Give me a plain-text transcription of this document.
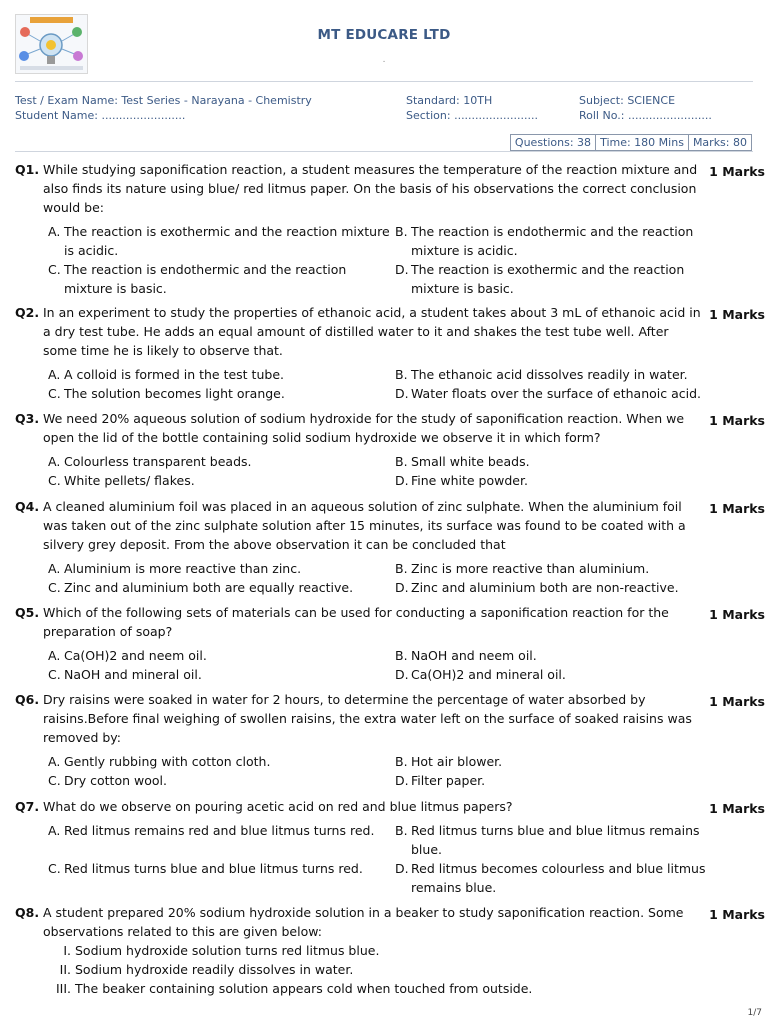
MT EDUCARE LTD
.
Test / Exam Name: Test Series - Narayana - Chemistry
Student Name: ........................
Standard: 10TH
Section: ........................
Subject: SCIENCE
Roll No.: ........................
Questions: 38 Time: 180 Mins Marks: 80
Q1. While studying saponification reaction, a student measures the temperature of the reaction mixture and also finds its nature using blue/ red litmus paper. On the basis of his observations the correct conclusion would be:
1 Marks
A. The reaction is exothermic and the reaction mixture is acidic.
B. The reaction is endothermic and the reaction mixture is acidic.
C. The reaction is endothermic and the reaction mixture is basic.
D. The reaction is exothermic and the reaction mixture is basic.
Q2. In an experiment to study the properties of ethanoic acid, a student takes about 3 mL of ethanoic acid in a dry test tube. He adds an equal amount of distilled water to it and shakes the test tube well. After some time he is likely to observe that.
1 Marks
A. A colloid is formed in the test tube.	B. The ethanoic acid dissolves readily in water.
C. The solution becomes light orange.	D. Water floats over the surface of ethanoic acid.
Q3. We need 20% aqueous solution of sodium hydroxide for the study of saponification reaction. When we open the lid of the bottle containing solid sodium hydroxide we observe it in which form?
1 Marks
A. Colourless transparent beads.	B. Small white beads.
C. White pellets/ flakes.	D. Fine white powder.
Q4. A cleaned aluminium foil was placed in an aqueous solution of zinc sulphate. When the aluminium foil was taken out of the zinc sulphate solution after 15 minutes, its surface was found to be coated with a silvery grey deposit. From the above observation it can be concluded that
1 Marks
A. Aluminium is more reactive than zinc.	B. Zinc is more reactive than aluminium.
C. Zinc and aluminium both are equally reactive.	D. Zinc and aluminium both are non-reactive.
Q5. Which of the following sets of materials can be used for conducting a saponification reaction for the preparation of soap?
1 Marks
A. Ca(OH)2 and neem oil.	B. NaOH and neem oil.
C. NaOH and mineral oil.	D. Ca(OH)2 and mineral oil.
Q6. Dry raisins were soaked in water for 2 hours, to determine the percentage of water absorbed by raisins.Before final weighing of swollen raisins, the extra water left on the surface of soaked raisins was removed by:
1 Marks
A. Gently rubbing with cotton cloth.	B. Hot air blower.
C. Dry cotton wool.	D. Filter paper.
Q7. What do we observe on pouring acetic acid on red and blue litmus papers?	1 Marks
A. Red litmus remains red and blue litmus turns red.	B. Red litmus turns blue and blue litmus remains blue.
C. Red litmus turns blue and blue litmus turns red.	D. Red litmus becomes colourless and blue litmus remains blue.
Q8. A student prepared 20% sodium hydroxide solution in a beaker to study saponification reaction. Some observations related to this are given below:
1 Marks
I. Sodium hydroxide solution turns red litmus blue.
II. Sodium hydroxide readily dissolves in water.
III. The beaker containing solution appears cold when touched from outside.
1/7
